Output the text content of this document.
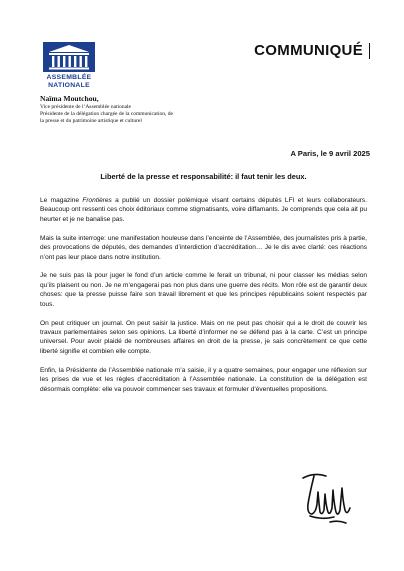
ASSEMBLÉE
NATIONALE
COMMUNIQUÉ
Naïma Moutchou,
Vice présidente de l’Assemblée nationale
Présidente de la délégation chargée de la communication, de
la presse et du patrimoine artistique et culturel
A Paris, le 9 avril 2025
Liberté de la presse et responsabilité: il faut tenir les deux.

Le magazine Frontières a publié un dossier polémique visant certains députés LFI et leurs collaborateurs. Beaucoup ont ressenti ces choix éditoriaux comme stigmatisants, voire diffamants. Je comprends que cela ait pu heurter et je ne banalise pas.

Mais la suite interroge: une manifestation houleuse dans l’enceinte de l’Assemblée, des journalistes pris à partie, des provocations de députés, des demandes d’interdiction d’accréditation… Je le dis avec clarté: ces réactions n’ont pas leur place dans notre institution.

Je ne suis pas là pour juger le fond d’un article comme le ferait un tribunal, ni pour classer les médias selon qu’ils plaisent ou non. Je ne m’engagerai pas non plus dans une guerre des récits. Mon rôle est de garantir deux choses: que la presse puisse faire son travail librement et que les principes républicains soient respectés par tous.

On peut critiquer un journal. On peut saisir la justice. Mais on ne peut pas choisir qui a le droit de couvrir les travaux parlementaires selon ses opinions. La liberté d’informer ne se défend pas à la carte. C’est un principe universel. Pour avoir plaidé de nombreuses affaires en droit de la presse, je sais concrètement ce que cette liberté signifie et combien elle compte.

Enfin, la Présidente de l’Assemblée nationale m’a saisie, il y a quatre semaines, pour engager une réflexion sur les prises de vue et les règles d’accréditation à l’Assemblée nationale. La constitution de la délégation est désormais complète: elle va pouvoir commencer ses travaux et formuler d’éventuelles propositions.
